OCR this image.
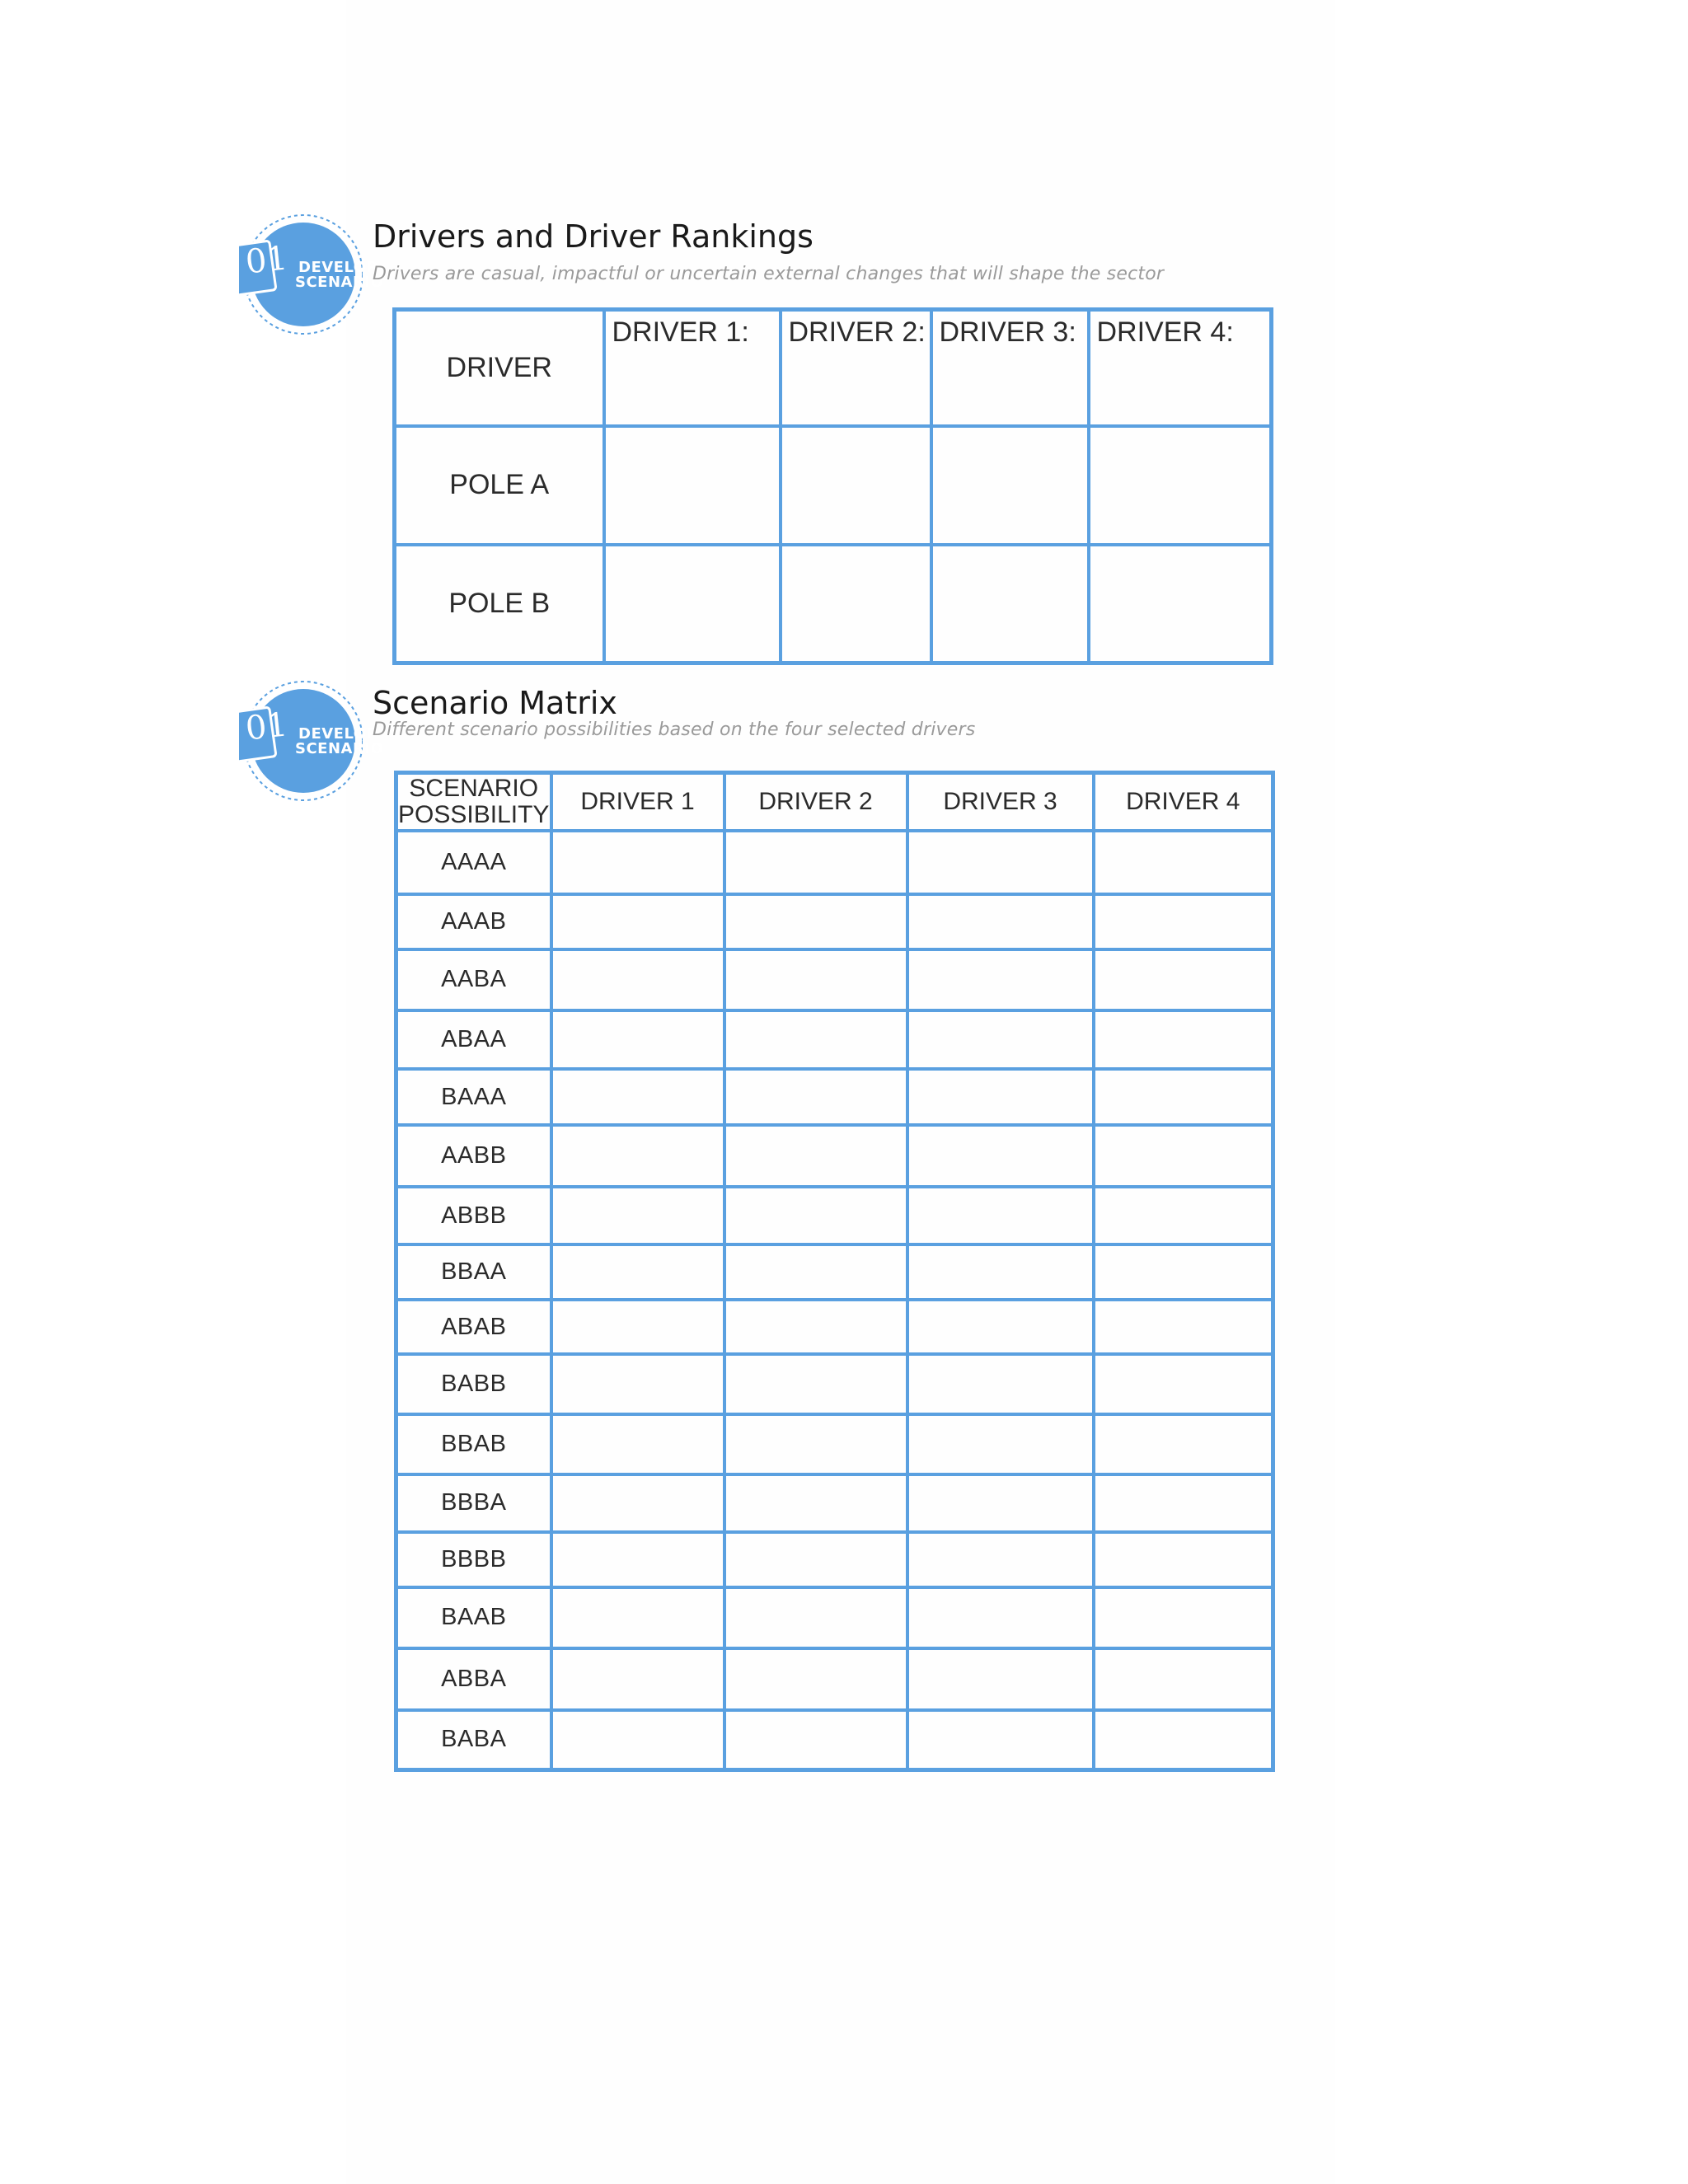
01 DEVELOP
SCENARIO
Drivers and Driver Rankings
Drivers are casual, impactful or uncertain external changes that will shape the sector
DRIVER	DRIVER 1:	DRIVER 2:	DRIVER 3:	DRIVER 4:
POLE A				
POLE B				
01 DEVELOP
SCENARIO
Scenario Matrix
Different scenario possibilities based on the four selected drivers
SCENARIO
POSSIBILITY	DRIVER 1	DRIVER 2	DRIVER 3	DRIVER 4
AAAA				
AAAB				
AABA				
ABAA				
BAAA				
AABB				
ABBB				
BBAA				
ABAB				
BABB				
BBAB				
BBBA				
BBBB				
BAAB				
ABBA				
BABA				
